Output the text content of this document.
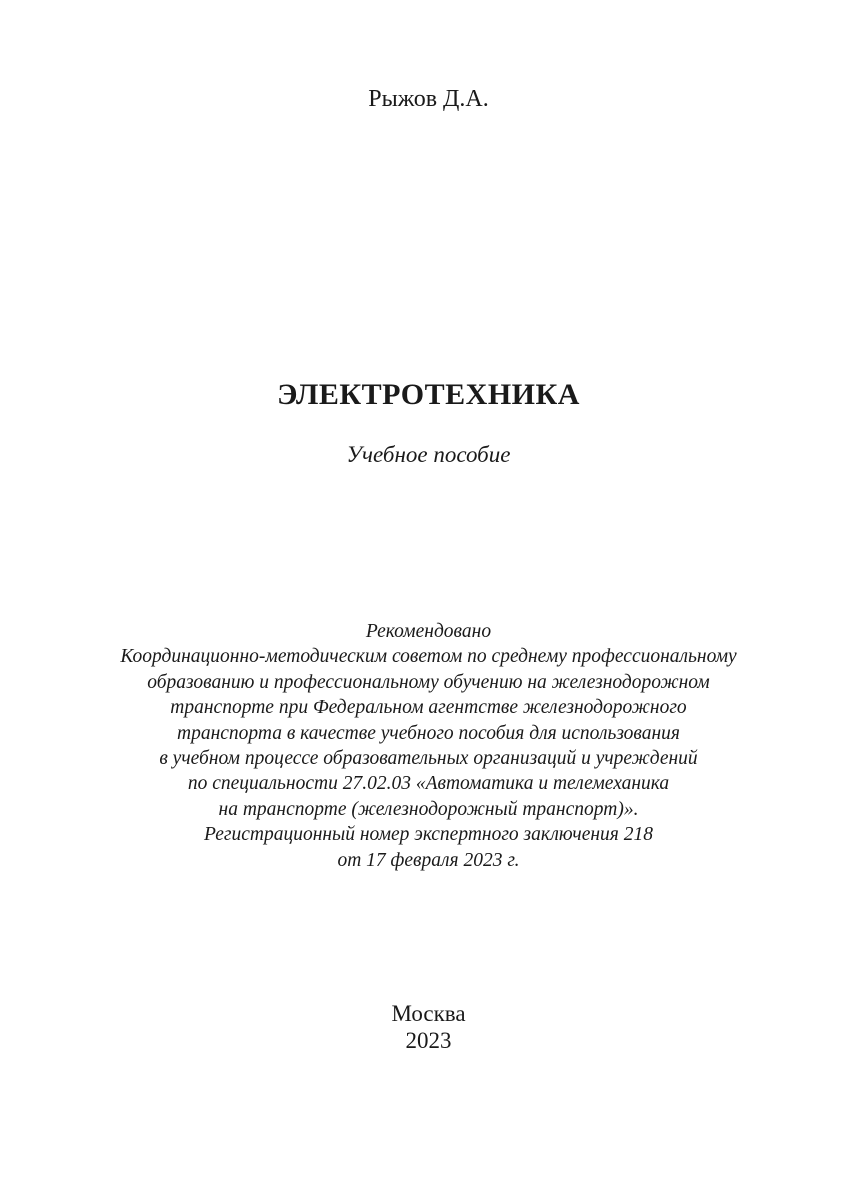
Рыжов Д.А.
ЭЛЕКТРОТЕХНИКА
Учебное пособие
Рекомендовано
Координационно-методическим советом по среднему профессиональному
образованию и профессиональному обучению на железнодорожном
транспорте при Федеральном агентстве железнодорожного
транспорта в качестве учебного пособия для использования
в учебном процессе образовательных организаций и учреждений
по специальности 27.02.03 «Автоматика и телемеханика
на транспорте (железнодорожный транспорт)».
Регистрационный номер экспертного заключения 218
от 17 февраля 2023 г.
Москва
2023
